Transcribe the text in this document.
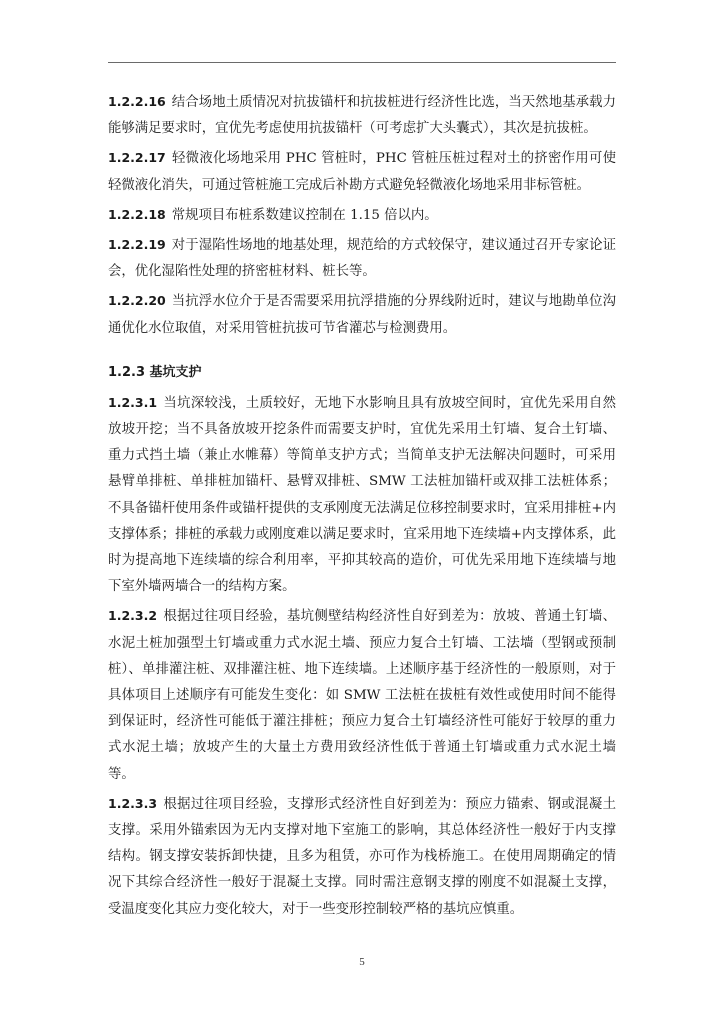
1.2.2.16 结合场地土质情况对抗拔锚杆和抗拔桩进行经济性比选，当天然地基承载力能够满足要求时，宜优先考虑使用抗拔锚杆（可考虑扩大头囊式），其次是抗拔桩。

1.2.2.17 轻微液化场地采用 PHC 管桩时，PHC 管桩压桩过程对土的挤密作用可使轻微液化消失，可通过管桩施工完成后补勘方式避免轻微液化场地采用非标管桩。

1.2.2.18 常规项目布桩系数建议控制在 1.15 倍以内。

1.2.2.19 对于湿陷性场地的地基处理，规范给的方式较保守，建议通过召开专家论证会，优化湿陷性处理的挤密桩材料、桩长等。

1.2.2.20 当抗浮水位介于是否需要采用抗浮措施的分界线附近时，建议与地勘单位沟通优化水位取值，对采用管桩抗拔可节省灌芯与检测费用。

1.2.3 基坑支护

1.2.3.1 当坑深较浅，土质较好，无地下水影响且具有放坡空间时，宜优先采用自然放坡开挖；当不具备放坡开挖条件而需要支护时，宜优先采用土钉墙、复合土钉墙、重力式挡土墙（兼止水帷幕）等简单支护方式；当简单支护无法解决问题时，可采用悬臂单排桩、单排桩加锚杆、悬臂双排桩、SMW 工法桩加锚杆或双排工法桩体系；不具备锚杆使用条件或锚杆提供的支承刚度无法满足位移控制要求时，宜采用排桩+内支撑体系；排桩的承载力或刚度难以满足要求时，宜采用地下连续墙+内支撑体系，此时为提高地下连续墙的综合利用率，平抑其较高的造价，可优先采用地下连续墙与地下室外墙两墙合一的结构方案。

1.2.3.2 根据过往项目经验，基坑侧壁结构经济性自好到差为：放坡、普通土钉墙、水泥土桩加强型土钉墙或重力式水泥土墙、预应力复合土钉墙、工法墙（型钢或预制桩）、单排灌注桩、双排灌注桩、地下连续墙。上述顺序基于经济性的一般原则，对于具体项目上述顺序有可能发生变化：如 SMW 工法桩在拔桩有效性或使用时间不能得到保证时，经济性可能低于灌注排桩；预应力复合土钉墙经济性可能好于较厚的重力式水泥土墙；放坡产生的大量土方费用致经济性低于普通土钉墙或重力式水泥土墙等。

1.2.3.3 根据过往项目经验，支撑形式经济性自好到差为：预应力锚索、钢或混凝土支撑。采用外锚索因为无内支撑对地下室施工的影响，其总体经济性一般好于内支撑结构。钢支撑安装拆卸快捷，且多为租赁，亦可作为栈桥施工。在使用周期确定的情况下其综合经济性一般好于混凝土支撑。同时需注意钢支撑的刚度不如混凝土支撑，受温度变化其应力变化较大，对于一些变形控制较严格的基坑应慎重。

5
